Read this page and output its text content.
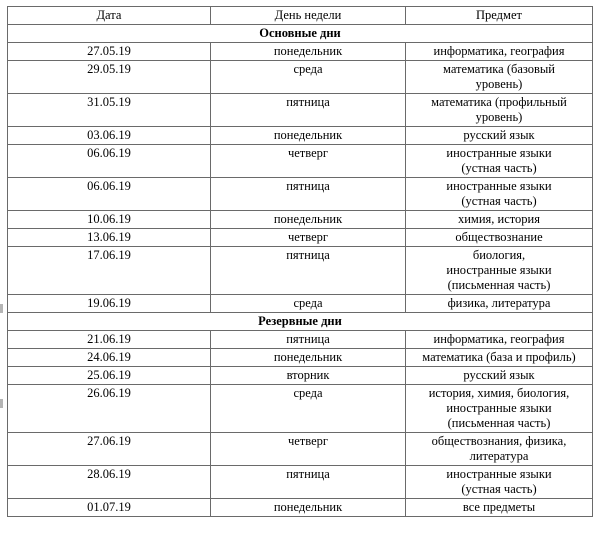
Дата	День недели	Предмет
Основные дни		
27.05.19	понедельник	информатика, география

29.05.19	среда	математика (базовый
уровень)

31.05.19	пятница	математика (профильный
уровень)

03.06.19	понедельник	русский язык

06.06.19	четверг	иностранные языки
(устная часть)

06.06.19	пятница	иностранные языки
(устная часть)

10.06.19	понедельник	химия, история

13.06.19	четверг	обществознание

17.06.19	пятница	биология,
иностранные языки
(письменная часть)

19.06.19	среда	физика, литература

Резервные дни		
21.06.19	пятница	информатика, география

24.06.19	понедельник	математика (база и профиль)

25.06.19	вторник	русский язык

26.06.19	среда	история, химия, биология,
иностранные языки
(письменная часть)

27.06.19	четверг	обществознания, физика,
литература

28.06.19	пятница	иностранные языки
(устная часть)

01.07.19	понедельник	все предметы
